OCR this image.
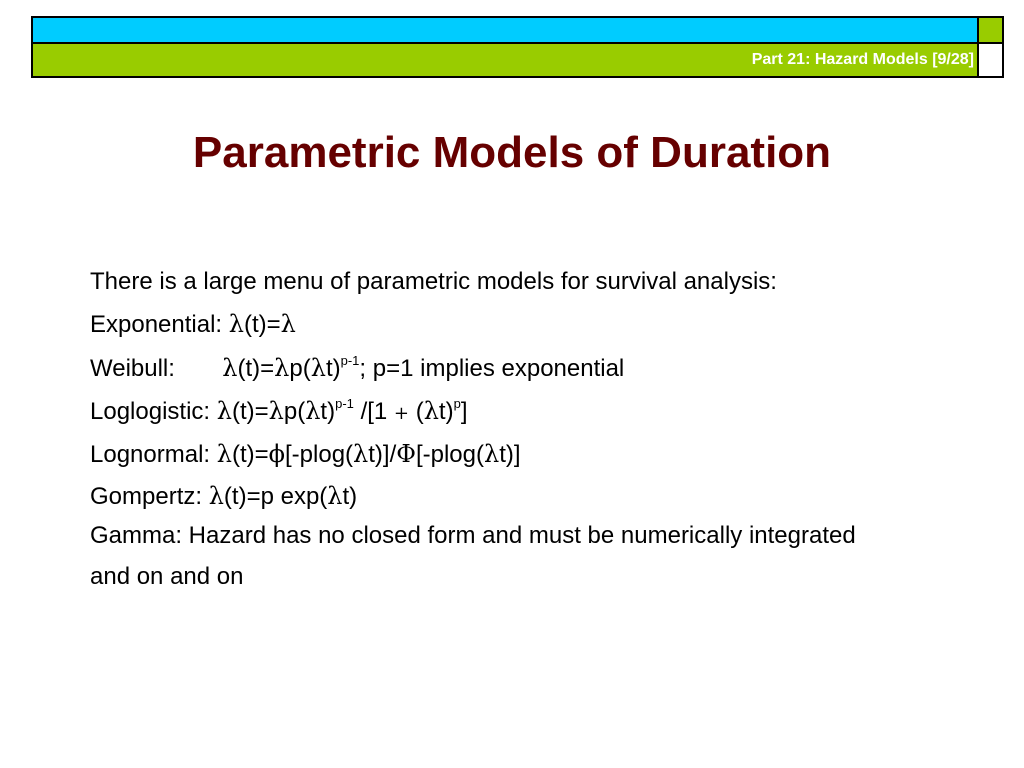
Part 21: Hazard Models [9/28]
Parametric Models of Duration
There is a large menu of parametric models for survival analysis:
Exponential: λ(t)=λ
Weibull: $\lambda(t)=\lambda p(\lambda t)^{p-1}$; p=1 implies exponential
Loglogistic: $\lambda(t)=\lambda p(\lambda t)^{p-1}$ $/[1 + (\lambda t)^p]$
Lognormal: λ(t)=ϕ[-plog(λt)]/Φ[-plog(λt)]
Gompertz: λ(t)=p exp(λt)
Gamma: Hazard has no closed form and must be numerically integrated
and on and on
